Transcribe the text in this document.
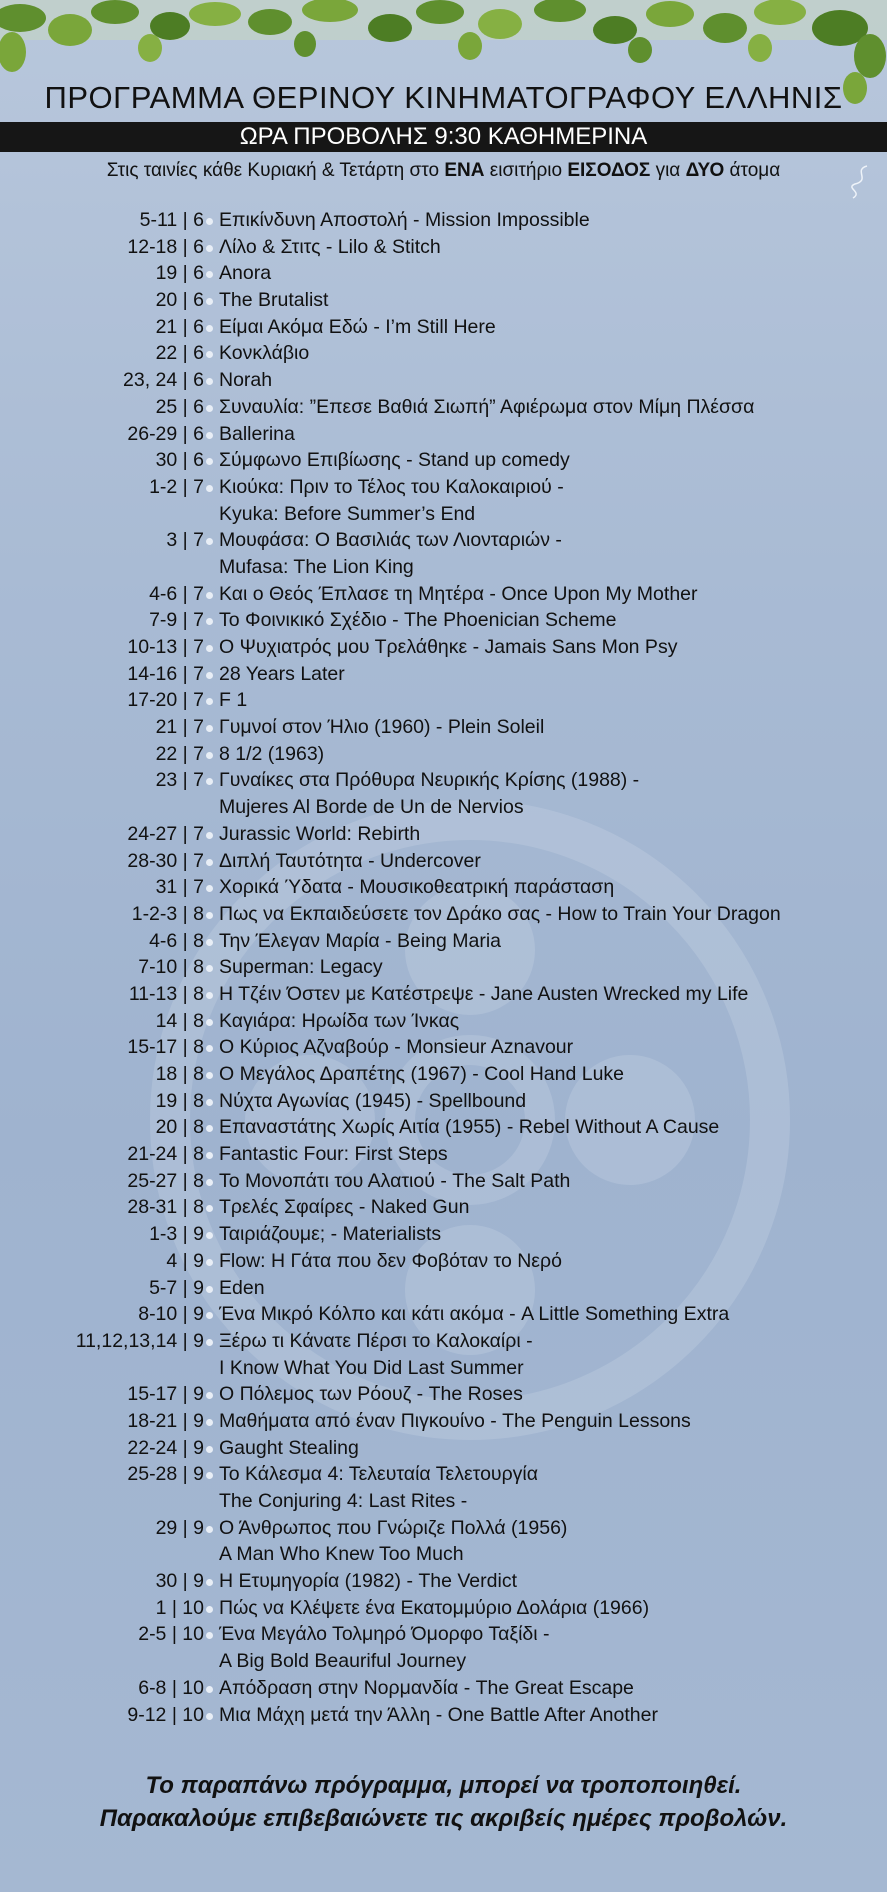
ΠΡΟΓΡΑΜΜΑ ΘΕΡΙΝΟΥ ΚΙΝΗΜΑΤΟΓΡΑΦΟΥ ΕΛΛΗΝΙΣ
ΩΡΑ ΠΡΟΒΟΛΗΣ 9:30 ΚΑΘΗΜΕΡΙΝΑ
Στις ταινίες κάθε Κυριακή & Τετάρτη στο ΕΝΑ εισιτήριο ΕΙΣΟΔΟΣ για ΔΥΟ άτομα
5-11 | 6 Επικίνδυνη Αποστολή - Mission Impossible
12-18 | 6 Λίλο & Στιτς - Lilo & Stitch
19 | 6 Anora
20 | 6 The Brutalist
21 | 6 Είμαι Ακόμα Εδώ - I’m Still Here
22 | 6 Κονκλάβιο
23, 24 | 6 Norah
25 | 6 Συναυλία: ”Επεσε Βαθιά Σιωπή” Αφιέρωμα στον Μίμη Πλέσσα
26-29 | 6 Ballerina
30 | 6 Σύμφωνο Επιβίωσης - Stand up comedy
1-2 | 7 Κιούκα: Πριν το Τέλος του Καλοκαιριού -
Kyuka: Before Summer’s End
3 | 7 Μουφάσα: Ο Βασιλιάς των Λιονταριών -
Mufasa: The Lion King
4-6 | 7 Και ο Θεός Έπλασε τη Μητέρα - Once Upon My Mother
7-9 | 7 Το Φοινικικό Σχέδιο - The Phoenician Scheme
10-13 | 7 Ο Ψυχιατρός μου Τρελάθηκε - Jamais Sans Mon Psy
14-16 | 7 28 Years Later
17-20 | 7 F 1
21 | 7 Γυμνοί στον Ήλιο (1960) - Plein Soleil
22 | 7 8 1/2 (1963)
23 | 7 Γυναίκες στα Πρόθυρα Νευρικής Κρίσης (1988) -
Mujeres Al Borde de Un de Nervios
24-27 | 7 Jurassic World: Rebirth
28-30 | 7 Διπλή Ταυτότητα - Undercover
31 | 7 Χορικά Ύδατα - Μουσικοθεατρική παράσταση
1-2-3 | 8 Πως να Εκπαιδεύσετε τον Δράκο σας - How to Train Your Dragon
4-6 | 8 Την Έλεγαν Μαρία - Being Maria
7-10 | 8 Superman: Legacy
11-13 | 8 Η Τζέιν Όστεν με Κατέστρεψε - Jane Austen Wrecked my Life
14 | 8 Καγιάρα: Ηρωίδα των Ίνκας
15-17 | 8 Ο Κύριος Αζναβούρ - Monsieur Aznavour
18 | 8 Ο Μεγάλος Δραπέτης (1967) - Cool Hand Luke
19 | 8 Νύχτα Αγωνίας (1945) - Spellbound
20 | 8 Επαναστάτης Χωρίς Αιτία (1955) - Rebel Without A Cause
21-24 | 8 Fantastic Four: First Steps
25-27 | 8 Το Μονοπάτι του Αλατιού - The Salt Path
28-31 | 8 Τρελές Σφαίρες - Naked Gun
1-3 | 9 Ταιριάζουμε; - Materialists
4 | 9 Flow: Η Γάτα που δεν Φοβόταν το Νερό
5-7 | 9 Eden
8-10 | 9 Ένα Μικρό Κόλπο και κάτι ακόμα - A Little Something Extra
11,12,13,14 | 9 Ξέρω τι Κάνατε Πέρσι το Καλοκαίρι -
I Know What You Did Last Summer
15-17 | 9 Ο Πόλεμος των Ρόουζ - The Roses
18-21 | 9 Μαθήματα από έναν Πιγκουίνο - The Penguin Lessons
22-24 | 9 Gaught Stealing
25-28 | 9 Το Κάλεσμα 4: Τελευταία Τελετουργία
The Conjuring 4: Last Rites -
29 | 9 Ο Άνθρωπος που Γνώριζε Πολλά (1956)
A Man Who Knew Too Much
30 | 9 Η Ετυμηγορία (1982) - The Verdict
1 | 10 Πώς να Κλέψετε ένα Εκατομμύριο Δολάρια (1966)
2-5 | 10 Ένα Μεγάλο Τολμηρό Όμορφο Ταξίδι -
A Big Bold Beauriful Journey
6-8 | 10 Απόδραση στην Νορμανδία - The Great Escape
9-12 | 10 Μια Μάχη μετά την Άλλη - One Battle After Another
Το παραπάνω πρόγραμμα, μπορεί να τροποποιηθεί.
Παρακαλούμε επιβεβαιώνετε τις ακριβείς ημέρες προβολών.
